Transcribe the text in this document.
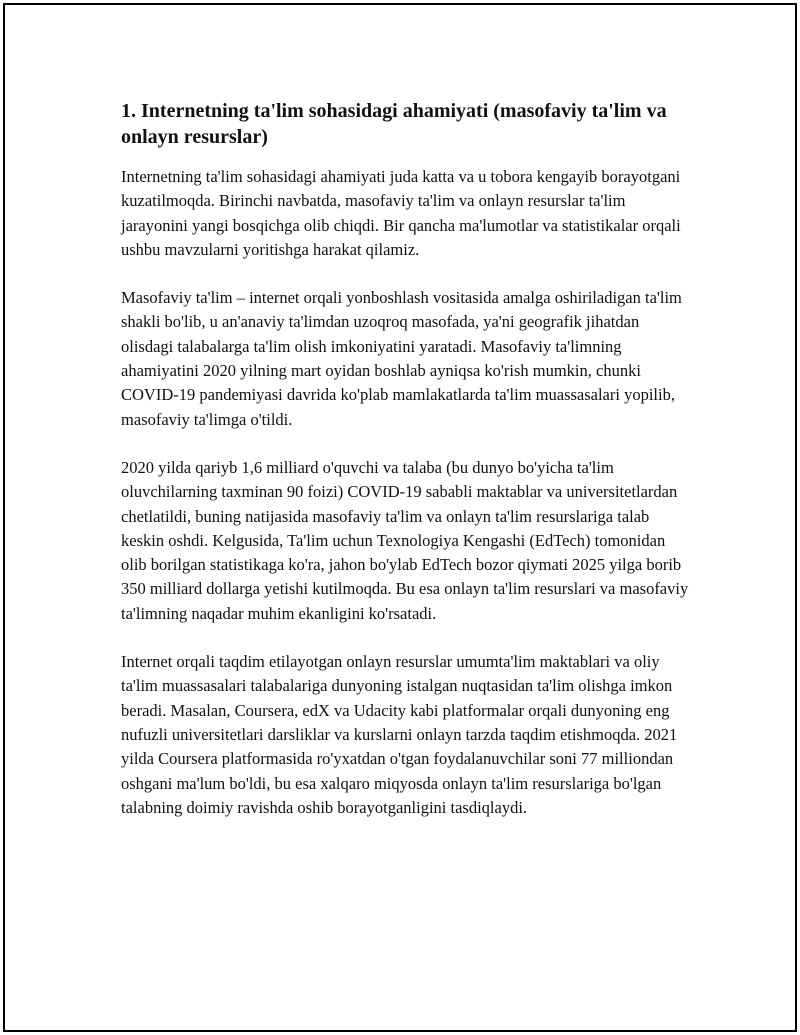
1. Internetning ta'lim sohasidagi ahamiyati (masofaviy ta'lim va onlayn resurslar)

Internetning ta'lim sohasidagi ahamiyati juda katta va u tobora kengayib borayotgani kuzatilmoqda. Birinchi navbatda, masofaviy ta'lim va onlayn resurslar ta'lim jarayonini yangi bosqichga olib chiqdi. Bir qancha ma'lumotlar va statistikalar orqali ushbu mavzularni yoritishga harakat qilamiz.

Masofaviy ta'lim – internet orqali yonboshlash vositasida amalga oshiriladigan ta'lim shakli bo'lib, u an'anaviy ta'limdan uzoqroq masofada, ya'ni geografik jihatdan olisdagi talabalarga ta'lim olish imkoniyatini yaratadi. Masofaviy ta'limning ahamiyatini 2020 yilning mart oyidan boshlab ayniqsa ko'rish mumkin, chunki COVID-19 pandemiyasi davrida ko'plab mamlakatlarda ta'lim muassasalari yopilib, masofaviy ta'limga o'tildi.

2020 yilda qariyb 1,6 milliard o'quvchi va talaba (bu dunyo bo'yicha ta'lim oluvchilarning taxminan 90 foizi) COVID-19 sababli maktablar va universitetlardan chetlatildi, buning natijasida masofaviy ta'lim va onlayn ta'lim resurslariga talab keskin oshdi. Kelgusida, Ta'lim uchun Texnologiya Kengashi (EdTech) tomonidan olib borilgan statistikaga ko'ra, jahon bo'ylab EdTech bozor qiymati 2025 yilga borib 350 milliard dollarga yetishi kutilmoqda. Bu esa onlayn ta'lim resurslari va masofaviy ta'limning naqadar muhim ekanligini ko'rsatadi.

Internet orqali taqdim etilayotgan onlayn resurslar umumta'lim maktablari va oliy ta'lim muassasalari talabalariga dunyoning istalgan nuqtasidan ta'lim olishga imkon beradi. Masalan, Coursera, edX va Udacity kabi platformalar orqali dunyoning eng nufuzli universitetlari darsliklar va kurslarni onlayn tarzda taqdim etishmoqda. 2021 yilda Coursera platformasida ro'yxatdan o'tgan foydalanuvchilar soni 77 milliondan oshgani ma'lum bo'ldi, bu esa xalqaro miqyosda onlayn ta'lim resurslariga bo'lgan talabning doimiy ravishda oshib borayotganligini tasdiqlaydi.
